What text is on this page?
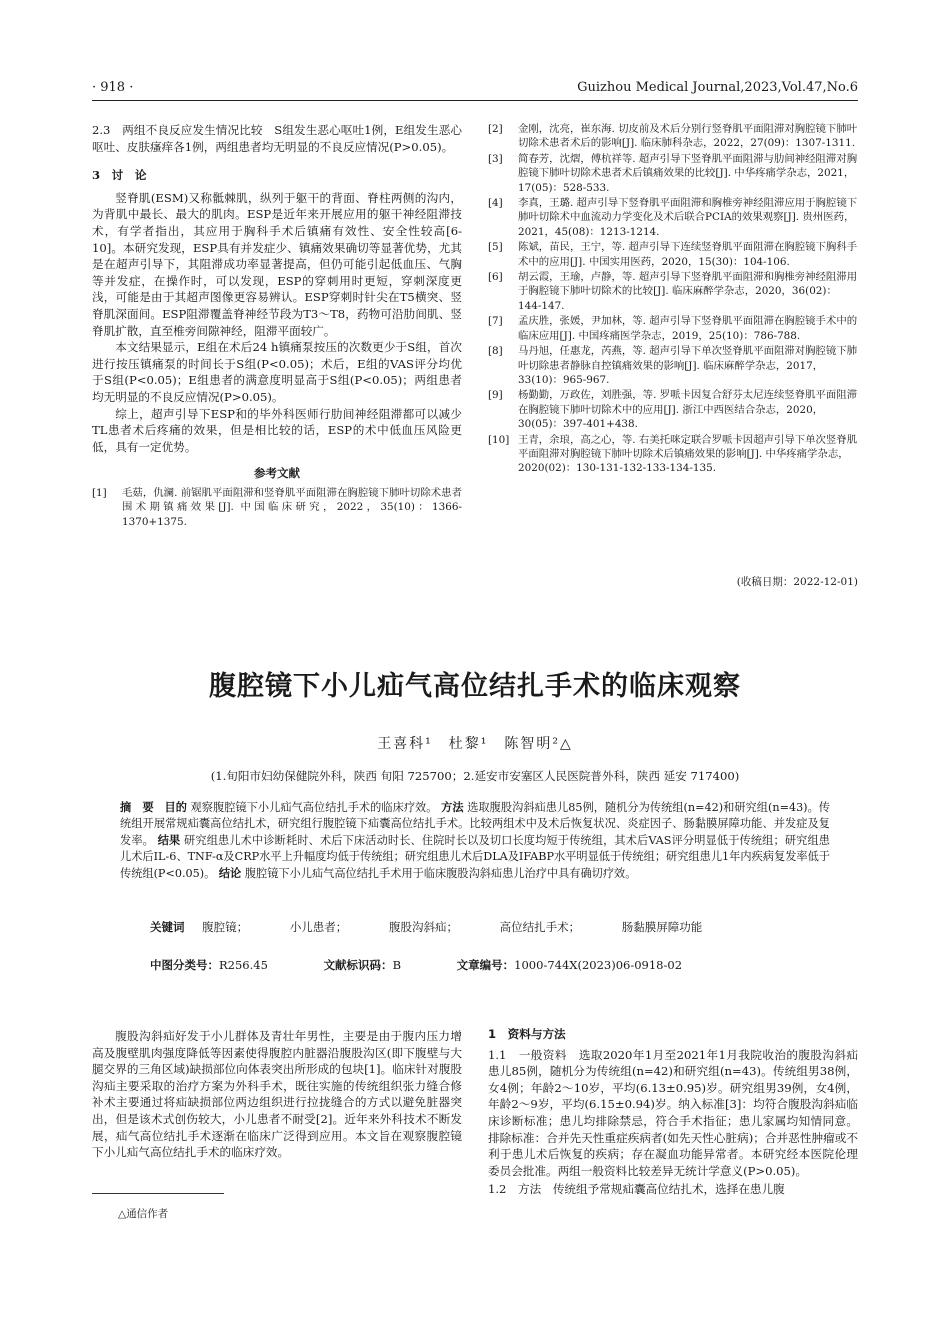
· 918 ·	Guizhou Medical Journal,2023,Vol.47,No.6

2.3　两组不良反应发生情况比较　S组发生恶心呕吐1例，E组发生恶心呕吐、皮肤瘙痒各1例，两组患者均无明显的不良反应情况(P>0.05)。

3　讨　论

竖脊肌(ESM)又称骶棘肌，纵列于躯干的背面、脊柱两侧的沟内，为背肌中最长、最大的肌肉。ESP是近年来开展应用的躯干神经阻滞技术，有学者指出，其应用于胸科手术后镇痛有效性、安全性较高[6-10]。本研究发现，ESP具有并发症少、镇痛效果确切等显著优势，尤其是在超声引导下，其阻滞成功率显著提高，但仍可能引起低血压、气胸等并发症，在操作时，可以发现，ESP的穿刺用时更短，穿刺深度更浅，可能是由于其超声图像更容易辨认。ESP穿刺时针尖在T5横突、竖脊肌深面间。ESP阻滞覆盖脊神经节段为T3～T8，药物可沿肋间肌、竖脊肌扩散，直至椎旁间隙神经，阻滞平面较广。

本文结果显示，E组在术后24 h镇痛泵按压的次数更少于S组，首次进行按压镇痛泵的时间长于S组(P<0.05)；术后，E组的VAS评分均优于S组(P<0.05)；E组患者的满意度明显高于S组(P<0.05)；两组患者均无明显的不良反应情况(P>0.05)。

综上，超声引导下ESP和的毕外科医师行肋间神经阻滞都可以减少TL患者术后疼痛的效果，但是相比较的话，ESP的术中低血压风险更低，具有一定优势。

参考文献
[1] 毛菇，仇澜. 前锯肌平面阻滞和竖脊肌平面阻滞在胸腔镜下肺叶切除术患者围术期镇痛效果[J]. 中国临床研究，2022，35(10)：1366-1370+1375.
[2] 金刚，沈亮，崔东海. 切皮前及术后分别行竖脊肌平面阻滞对胸腔镜下肺叶切除术患者术后的影响[J]. 临床肺科杂志，2022，27(09)：1307-1311.
[3] 简春芳，沈熠，傅杭祥等. 超声引导下竖脊肌平面阻滞与肋间神经阻滞对胸腔镜下肺叶切除术患者术后镇痛效果的比较[J]. 中华疼痛学杂志，2021，17(05)：528-533.
[4] 李真，王璐. 超声引导下竖脊肌平面阻滞和胸椎旁神经阻滞应用于胸腔镜下肺叶切除术中血流动力学变化及术后联合PCIA的效果观察[J]. 贵州医药，2021，45(08)：1213-1214.
[5] 陈斌，苗民，王宁，等. 超声引导下连续竖脊肌平面阻滞在胸腔镜下胸科手术中的应用[J]. 中国实用医药，2020，15(30)：104-106.
[6] 胡云霞，王瑜，卢静，等. 超声引导下竖脊肌平面阻滞和胸椎旁神经阻滞用于胸腔镜下肺叶切除术的比较[J]. 临床麻醉学杂志，2020，36(02)：144-147.
[7] 孟庆胜，张媛，尹加林，等. 超声引导下竖脊肌平面阻滞在胸腔镜手术中的临床应用[J]. 中国疼痛医学杂志，2019，25(10)：786-788.
[8] 马丹旭，任惠龙，芮燕，等. 超声引导下单次竖脊肌平面阻滞对胸腔镜下肺叶切除患者静脉自控镇痛效果的影响[J]. 临床麻醉学杂志，2017，33(10)：965-967.
[9] 杨勤勤，万政佐，刘胜强，等. 罗哌卡因复合舒芬太尼连续竖脊肌平面阻滞在胸腔镜下肺叶切除术中的应用[J]. 浙江中西医结合杂志，2020，30(05)：397-401+438.
[10] 王青，余琅，高之心，等. 右美托咪定联合罗哌卡因超声引导下单次竖脊肌平面阻滞对胸腔镜下肺叶切除术后镇痛效果的影响[J]. 中华疼痛学杂志，2020(02)：130-131-132-133-134-135.
(收稿日期：2022-12-01)
腹腔镜下小儿疝气高位结扎手术的临床观察
王喜科¹　杜黎¹　陈智明²△
(1.旬阳市妇幼保健院外科，陕西 旬阳 725700；2.延安市安塞区人民医院普外科，陕西 延安 717400)
摘　要 目的 观察腹腔镜下小儿疝气高位结扎手术的临床疗效。 方法 选取腹股沟斜疝患儿85例，随机分为传统组(n=42)和研究组(n=43)。传统组开展常规疝囊高位结扎术，研究组行腹腔镜下疝囊高位结扎手术。比较两组术中及术后恢复状况、炎症因子、肠黏膜屏障功能、并发症及复发率。 结果 研究组患儿术中诊断耗时、术后下床活动时长、住院时长以及切口长度均短于传统组，其术后VAS评分明显低于传统组；研究组患儿术后IL-6、TNF-α及CRP水平上升幅度均低于传统组；研究组患儿术后DLA及IFABP水平明显低于传统组；研究组患儿1年内疾病复发率低于传统组(P<0.05)。 结论 腹腔镜下小儿疝气高位结扎手术用于临床腹股沟斜疝患儿治疗中具有确切疗效。
关键词 腹腔镜；	小儿患者；	腹股沟斜疝；	高位结扎手术；	肠黏膜屏障功能
中图分类号：R256.45	文献标识码：B	文章编号：1000-744X(2023)06-0918-02

腹股沟斜疝好发于小儿群体及青壮年男性，主要是由于腹内压力增高及腹壁肌肉强度降低等因素使得腹腔内脏器沿腹股沟区(即下腹壁与大腿交界的三角区域)缺损部位向体表突出所形成的包块[1]。临床针对腹股沟疝主要采取的治疗方案为外科手术，既往实施的传统组织张力缝合修补术主要通过将疝缺损部位两边组织进行拉拢缝合的方式以避免脏器突出，但是该术式创伤较大，小儿患者不耐受[2]。近年来外科技术不断发展，疝气高位结扎手术逐渐在临床广泛得到应用。本文旨在观察腹腔镜下小儿疝气高位结扎手术的临床疗效。

△通信作者

1　资料与方法

1.1　一般资料　选取2020年1月至2021年1月我院收治的腹股沟斜疝患儿85例，随机分为传统组(n=42)和研究组(n=43)。传统组男38例，女4例；年龄2～10岁，平均(6.13±0.95)岁。研究组男39例，女4例，年龄2～9岁，平均(6.15±0.94)岁。纳入标准[3]：均符合腹股沟斜疝临床诊断标准；患儿均排除禁忌，符合手术指征；患儿家属均知情同意。排除标准：合并先天性重症疾病者(如先天性心脏病)；合并恶性肿瘤或不利于患儿术后恢复的疾病；存在凝血功能异常者。本研究经本医院伦理委员会批准。两组一般资料比较差异无统计学意义(P>0.05)。

1.2　方法　传统组予常规疝囊高位结扎术，选择在患儿腹
